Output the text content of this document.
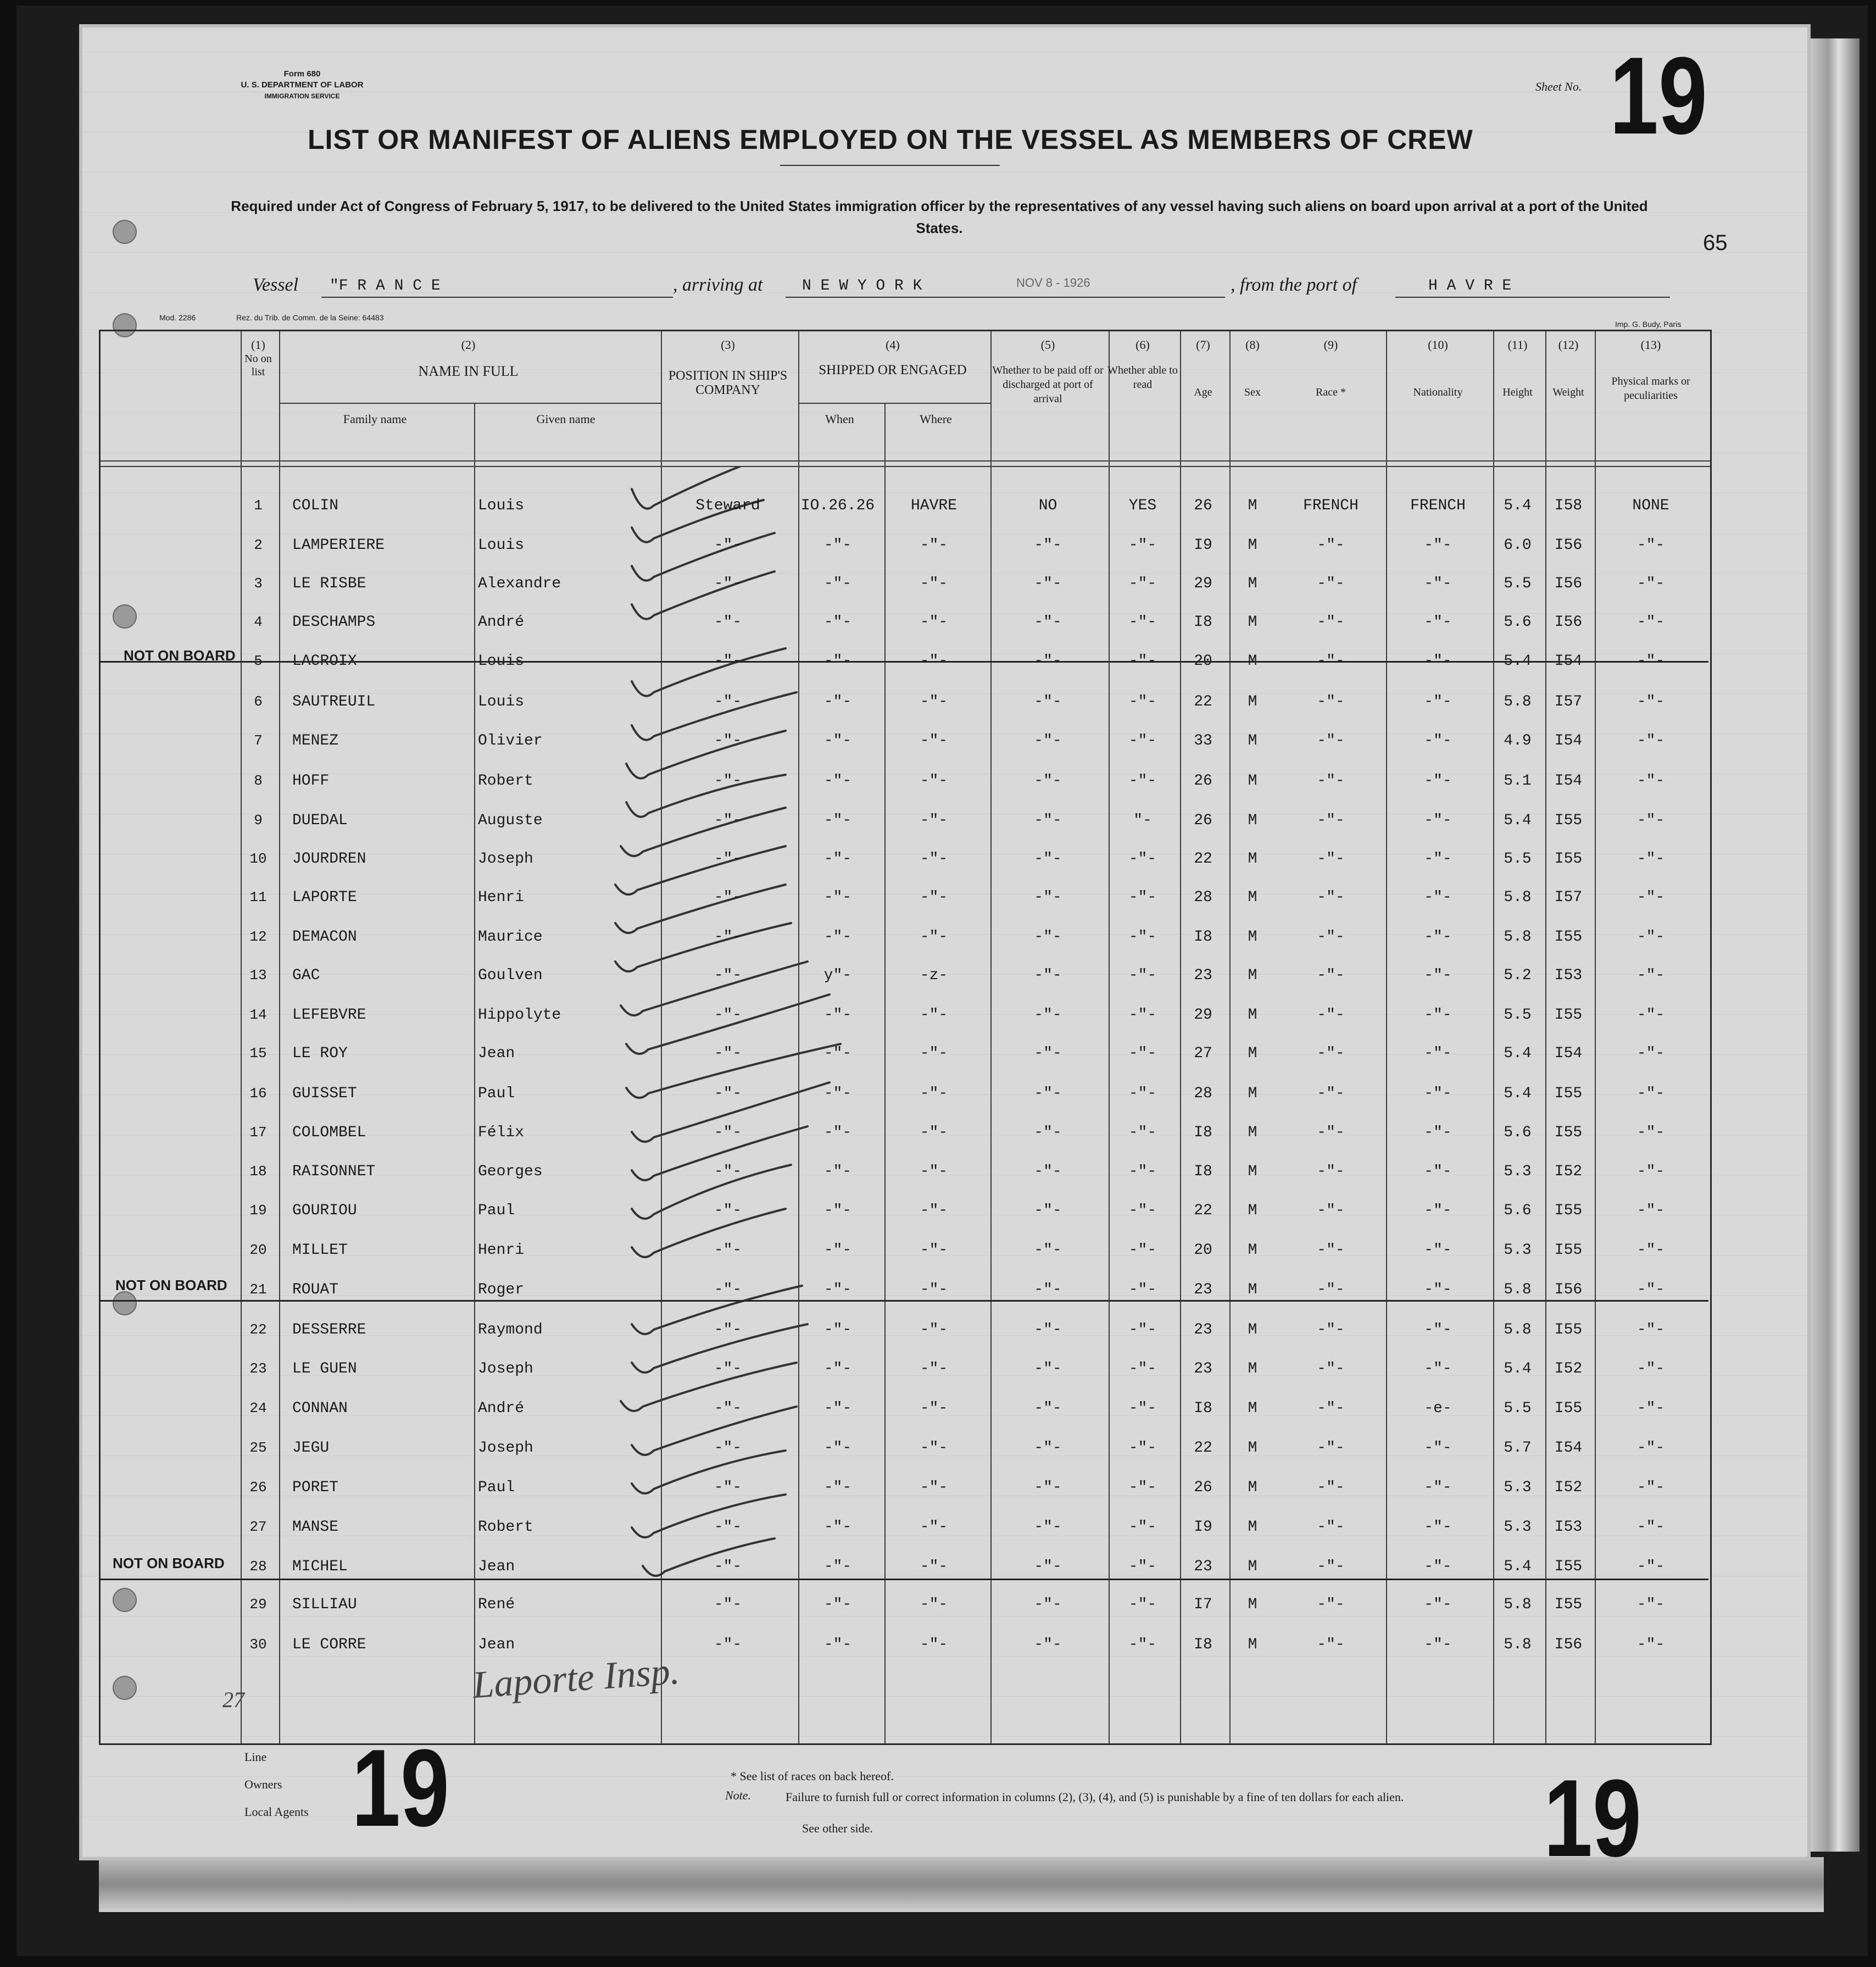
Form 680
U. S. DEPARTMENT OF LABOR
IMMIGRATION SERVICE
Sheet No. 19
LIST OR MANIFEST OF ALIENS EMPLOYED ON THE VESSEL AS MEMBERS OF CREW
Required under Act of Congress of February 5, 1917, to be delivered to the United States immigration officer by the representatives of any vessel having such aliens on board upon arrival at a port of the United States.
65
Vessel "F R A N C E	, arriving at	N E W Y O R K	NOV 8 - 1926	, from the port of	H A V R E
Mod. 2286	Rez. du Trib. de Comm. de la Seine: 64483
Imp. G. Budy, Paris
(1)
No on list
(2)
NAME IN FULL
Family name	Given name
(3)
POSITION IN SHIP'S COMPANY
(4)
SHIPPED OR ENGAGED
When	Where
(5)
Whether to be paid off or discharged at port of arrival
(6)
Whether able to read
(7)
Age
(8)
Sex
(9)
Race *
(10)
Nationality
(11)
Height
(12)
Weight
(13)
Physical marks or peculiarities
1	COLIN	Louis	Steward	IO.26.26	HAVRE	NO	YES	26	M	FRENCH	FRENCH	5.4	I58	NONE
2	LAMPERIERE	Louis	-"-	-"-	-"-	-"-	-"-	I9	M	-"-	-"-	6.0	I56	-"-
3	LE RISBE	Alexandre	-"-	-"-	-"-	-"-	-"-	29	M	-"-	-"-	5.5	I56	-"-
4	DESCHAMPS	André	-"-	-"-	-"-	-"-	-"-	I8	M	-"-	-"-	5.6	I56	-"-
5	LACROIX	Louis	-"-	-"-	-"-	-"-	-"-	20	M	-"-	-"-	5.4	I54	-"-
6	SAUTREUIL	Louis	-"-	-"-	-"-	-"-	-"-	22	M	-"-	-"-	5.8	I57	-"-
7	MENEZ	Olivier	-"-	-"-	-"-	-"-	-"-	33	M	-"-	-"-	4.9	I54	-"-
8	HOFF	Robert	-"-	-"-	-"-	-"-	-"-	26	M	-"-	-"-	5.1	I54	-"-
9	DUEDAL	Auguste	-"-	-"-	-"-	-"-	"-	26	M	-"-	-"-	5.4	I55	-"-
10	JOURDREN	Joseph	-"-	-"-	-"-	-"-	-"-	22	M	-"-	-"-	5.5	I55	-"-
11	LAPORTE	Henri	-"-	-"-	-"-	-"-	-"-	28	M	-"-	-"-	5.8	I57	-"-
12	DEMACON	Maurice	-"-	-"-	-"-	-"-	-"-	I8	M	-"-	-"-	5.8	I55	-"-
13	GAC	Goulven	-"-	y"-	-z-	-"-	-"-	23	M	-"-	-"-	5.2	I53	-"-
14	LEFEBVRE	Hippolyte	-"-	-"-	-"-	-"-	-"-	29	M	-"-	-"-	5.5	I55	-"-
15	LE ROY	Jean	-"-	-"-	-"-	-"-	-"-	27	M	-"-	-"-	5.4	I54	-"-
16	GUISSET	Paul	-"-	-"-	-"-	-"-	-"-	28	M	-"-	-"-	5.4	I55	-"-
17	COLOMBEL	Félix	-"-	-"-	-"-	-"-	-"-	I8	M	-"-	-"-	5.6	I55	-"-
18	RAISONNET	Georges	-"-	-"-	-"-	-"-	-"-	I8	M	-"-	-"-	5.3	I52	-"-
19	GOURIOU	Paul	-"-	-"-	-"-	-"-	-"-	22	M	-"-	-"-	5.6	I55	-"-
20	MILLET	Henri	-"-	-"-	-"-	-"-	-"-	20	M	-"-	-"-	5.3	I55	-"-
21	ROUAT	Roger	-"-	-"-	-"-	-"-	-"-	23	M	-"-	-"-	5.8	I56	-"-
22	DESSERRE	Raymond	-"-	-"-	-"-	-"-	-"-	23	M	-"-	-"-	5.8	I55	-"-
23	LE GUEN	Joseph	-"-	-"-	-"-	-"-	-"-	23	M	-"-	-"-	5.4	I52	-"-
24	CONNAN	André	-"-	-"-	-"-	-"-	-"-	I8	M	-"-	-e-	5.5	I55	-"-
25	JEGU	Joseph	-"-	-"-	-"-	-"-	-"-	22	M	-"-	-"-	5.7	I54	-"-
26	PORET	Paul	-"-	-"-	-"-	-"-	-"-	26	M	-"-	-"-	5.3	I52	-"-
27	MANSE	Robert	-"-	-"-	-"-	-"-	-"-	I9	M	-"-	-"-	5.3	I53	-"-
28	MICHEL	Jean	-"-	-"-	-"-	-"-	-"-	23	M	-"-	-"-	5.4	I55	-"-
29	SILLIAU	René	-"-	-"-	-"-	-"-	-"-	I7	M	-"-	-"-	5.8	I55	-"-
30	LE CORRE	Jean	-"-	-"-	-"-	-"-	-"-	I8	M	-"-	-"-	5.8	I56	-"-
NOT ON BOARD
NOT ON BOARD
NOT ON BOARD
27	Laporte Insp.
Line
Owners
Local Agents 19	19
* See list of races on back hereof.
Note.	Failure to furnish full or correct information in columns (2), (3), (4), and (5) is punishable by a fine of ten dollars for each alien.
See other side.
